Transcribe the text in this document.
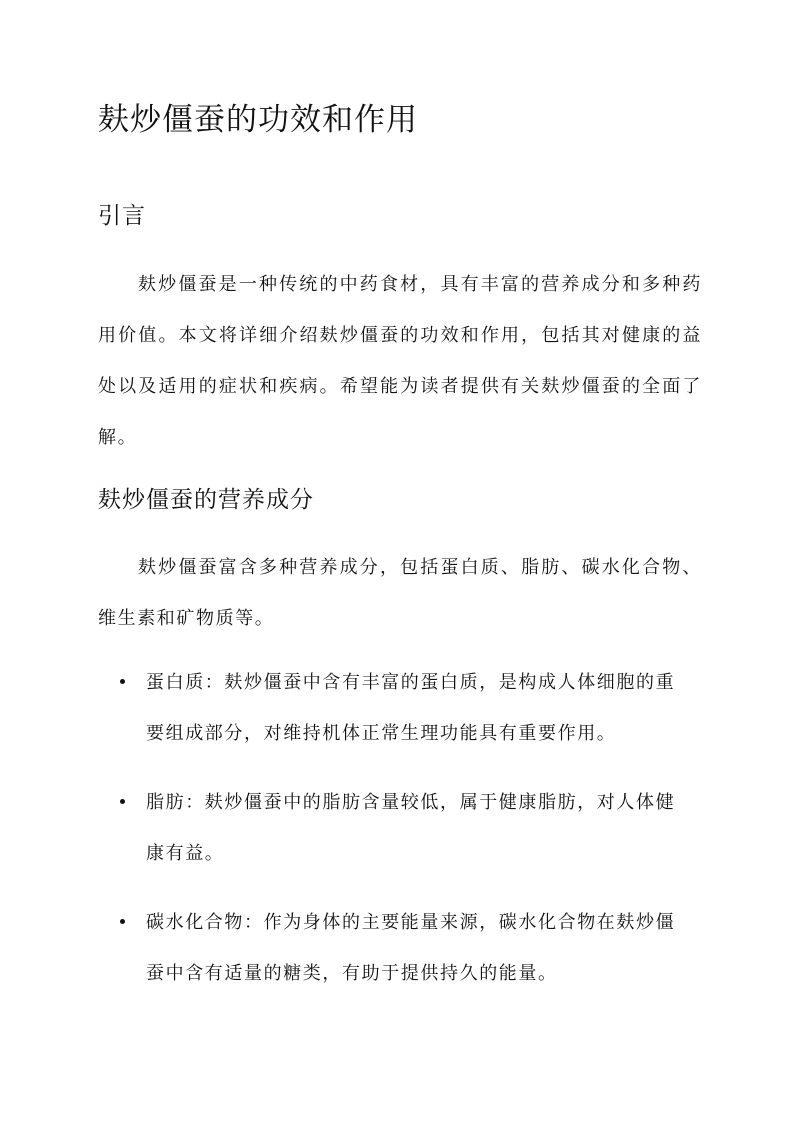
麸炒僵蚕的功效和作用
引言

麸炒僵蚕是一种传统的中药食材，具有丰富的营养成分和多种药用价值。本文将详细介绍麸炒僵蚕的功效和作用，包括其对健康的益处以及适用的症状和疾病。希望能为读者提供有关麸炒僵蚕的全面了解。

麸炒僵蚕的营养成分

麸炒僵蚕富含多种营养成分，包括蛋白质、脂肪、碳水化合物、维生素和矿物质等。

蛋白质：麸炒僵蚕中含有丰富的蛋白质，是构成人体细胞的重要组成部分，对维持机体正常生理功能具有重要作用。
脂肪：麸炒僵蚕中的脂肪含量较低，属于健康脂肪，对人体健康有益。
碳水化合物：作为身体的主要能量来源，碳水化合物在麸炒僵蚕中含有适量的糖类，有助于提供持久的能量。
